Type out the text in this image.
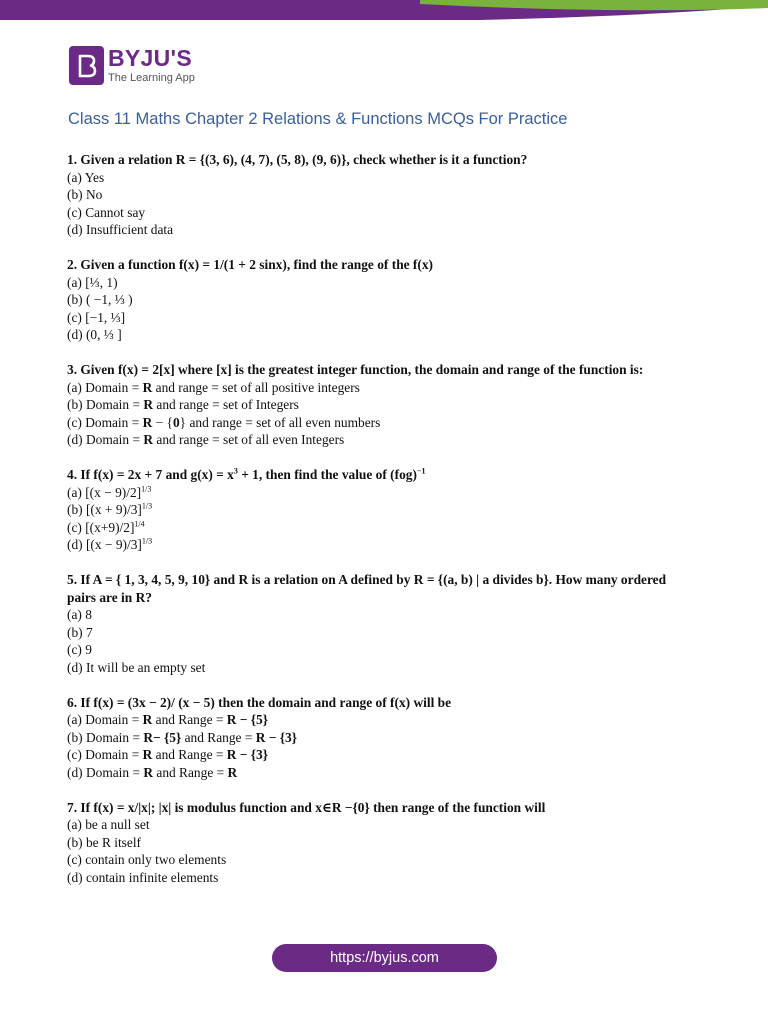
BYJU'S
The Learning App
Class 11 Maths Chapter 2 Relations & Functions MCQs For Practice
1. Given a relation R = {(3, 6), (4, 7), (5, 8), (9, 6)}, check whether is it a function?
(a) Yes
(b) No
(c) Cannot say
(d) Insufficient data
2. Given a function f(x) = 1/(1 + 2 sinx), find the range of the f(x)
(a) [⅓, 1)
(b) ( −1, ⅓ )
(c) [−1, ⅓]
(d) (0, ⅓ ]
3. Given f(x) = 2[x] where [x] is the greatest integer function, the domain and range of the function is:
(a) Domain = R and range = set of all positive integers
(b) Domain = R and range = set of Integers
(c) Domain = R − {0} and range = set of all even numbers
(d) Domain = R and range = set of all even Integers
4. If f(x) = 2x + 7 and $g(x) = x^3 + 1$, then find the value of (fog)$^{-1}$
(a) $[(x - 9)/2]^{1/3}$
(b) $[(x + 9)/3]^{1/3}$
(c) $[(x+9)/2]^{1/4}$
(d) $[(x - 9)/3]^{1/3}$
5. If A = { 1, 3, 4, 5, 9, 10} and R is a relation on A defined by R = {(a, b) | a divides b}. How many ordered pairs are in R?
(a) 8
(b) 7
(c) 9
(d) It will be an empty set
6. If f(x) = (3x − 2)/ (x − 5) then the domain and range of f(x) will be
(a) Domain = R and Range = R − {5}
(b) Domain = R− {5} and Range = R − {3}
(c) Domain = R and Range = R − {3}
(d) Domain = R and Range = R
7. If f(x) = x/|x|; |x| is modulus function and x∈R −{0} then range of the function will
(a) be a null set
(b) be R itself
(c) contain only two elements
(d) contain infinite elements
https://byjus.com
